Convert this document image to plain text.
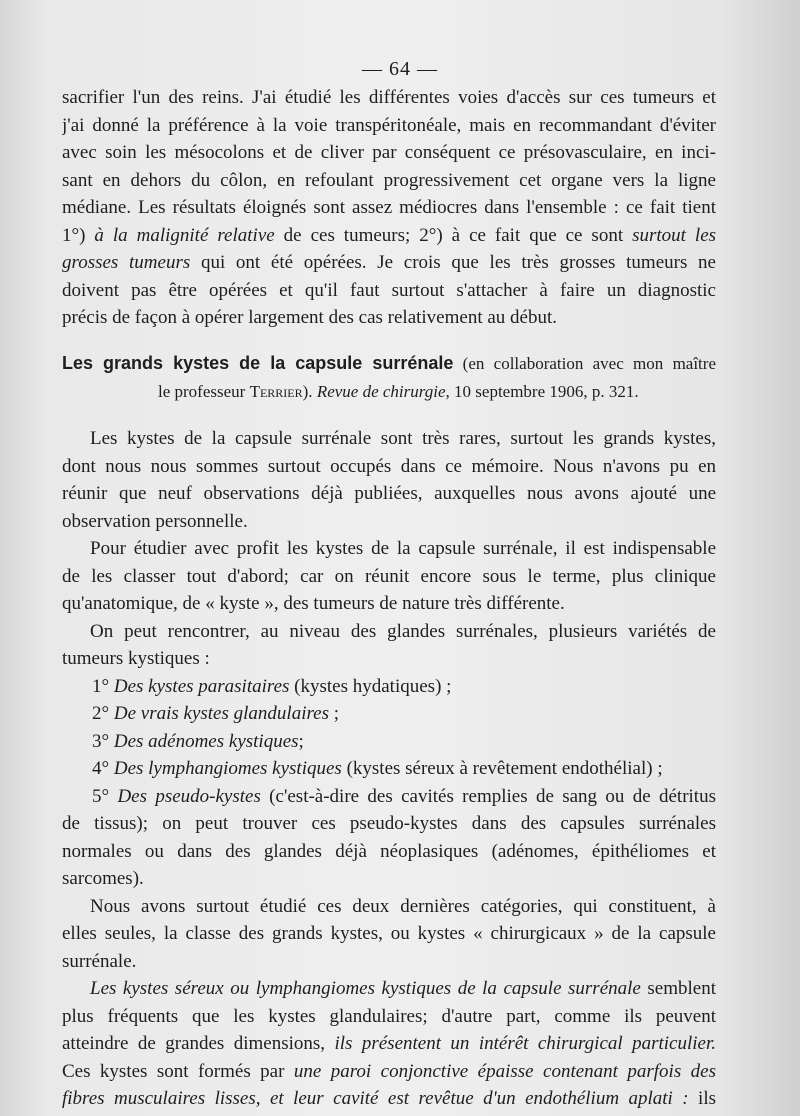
— 64 —
sacrifier l'un des reins. J'ai étudié les différentes voies d'accès sur ces tumeurs et
j'ai donné la préférence à la voie transpéritonéale, mais en recommandant d'éviter
avec soin les mésocolons et de cliver par conséquent ce présovasculaire, en inci-
sant en dehors du côlon, en refoulant progressivement cet organe vers la ligne
médiane. Les résultats éloignés sont assez médiocres dans l'ensemble : ce fait tient
1°) à la malignité relative de ces tumeurs; 2°) à ce fait que ce sont surtout les
grosses tumeurs qui ont été opérées. Je crois que les très grosses tumeurs ne
doivent pas être opérées et qu'il faut surtout s'attacher à faire un diagnostic
précis de façon à opérer largement des cas relativement au début.
Les grands kystes de la capsule surrénale (en collaboration avec mon maître
le professeur Terrier). Revue de chirurgie, 10 septembre 1906, p. 321.
Les kystes de la capsule surrénale sont très rares, surtout les grands kystes,
dont nous nous sommes surtout occupés dans ce mémoire. Nous n'avons pu en
réunir que neuf observations déjà publiées, auxquelles nous avons ajouté une
observation personnelle.
Pour étudier avec profit les kystes de la capsule surrénale, il est indispensable
de les classer tout d'abord; car on réunit encore sous le terme, plus clinique
qu'anatomique, de « kyste », des tumeurs de nature très différente.
On peut rencontrer, au niveau des glandes surrénales, plusieurs variétés de
tumeurs kystiques :
1° Des kystes parasitaires (kystes hydatiques) ;
2° De vrais kystes glandulaires ;
3° Des adénomes kystiques;
4° Des lymphangiomes kystiques (kystes séreux à revêtement endothélial) ;
5° Des pseudo-kystes (c'est-à-dire des cavités remplies de sang ou de détritus
de tissus); on peut trouver ces pseudo-kystes dans des capsules surrénales
normales ou dans des glandes déjà néoplasiques (adénomes, épithéliomes et
sarcomes).
Nous avons surtout étudié ces deux dernières catégories, qui constituent, à
elles seules, la classe des grands kystes, ou kystes « chirurgicaux » de la capsule
surrénale.
Les kystes séreux ou lymphangiomes kystiques de la capsule surrénale semblent
plus fréquents que les kystes glandulaires; d'autre part, comme ils peuvent
atteindre de grandes dimensions, ils présentent un intérêt chirurgical particulier.
Ces kystes sont formés par une paroi conjonctive épaisse contenant parfois des
fibres musculaires lisses, et leur cavité est revêtue d'un endothélium aplati : ils
